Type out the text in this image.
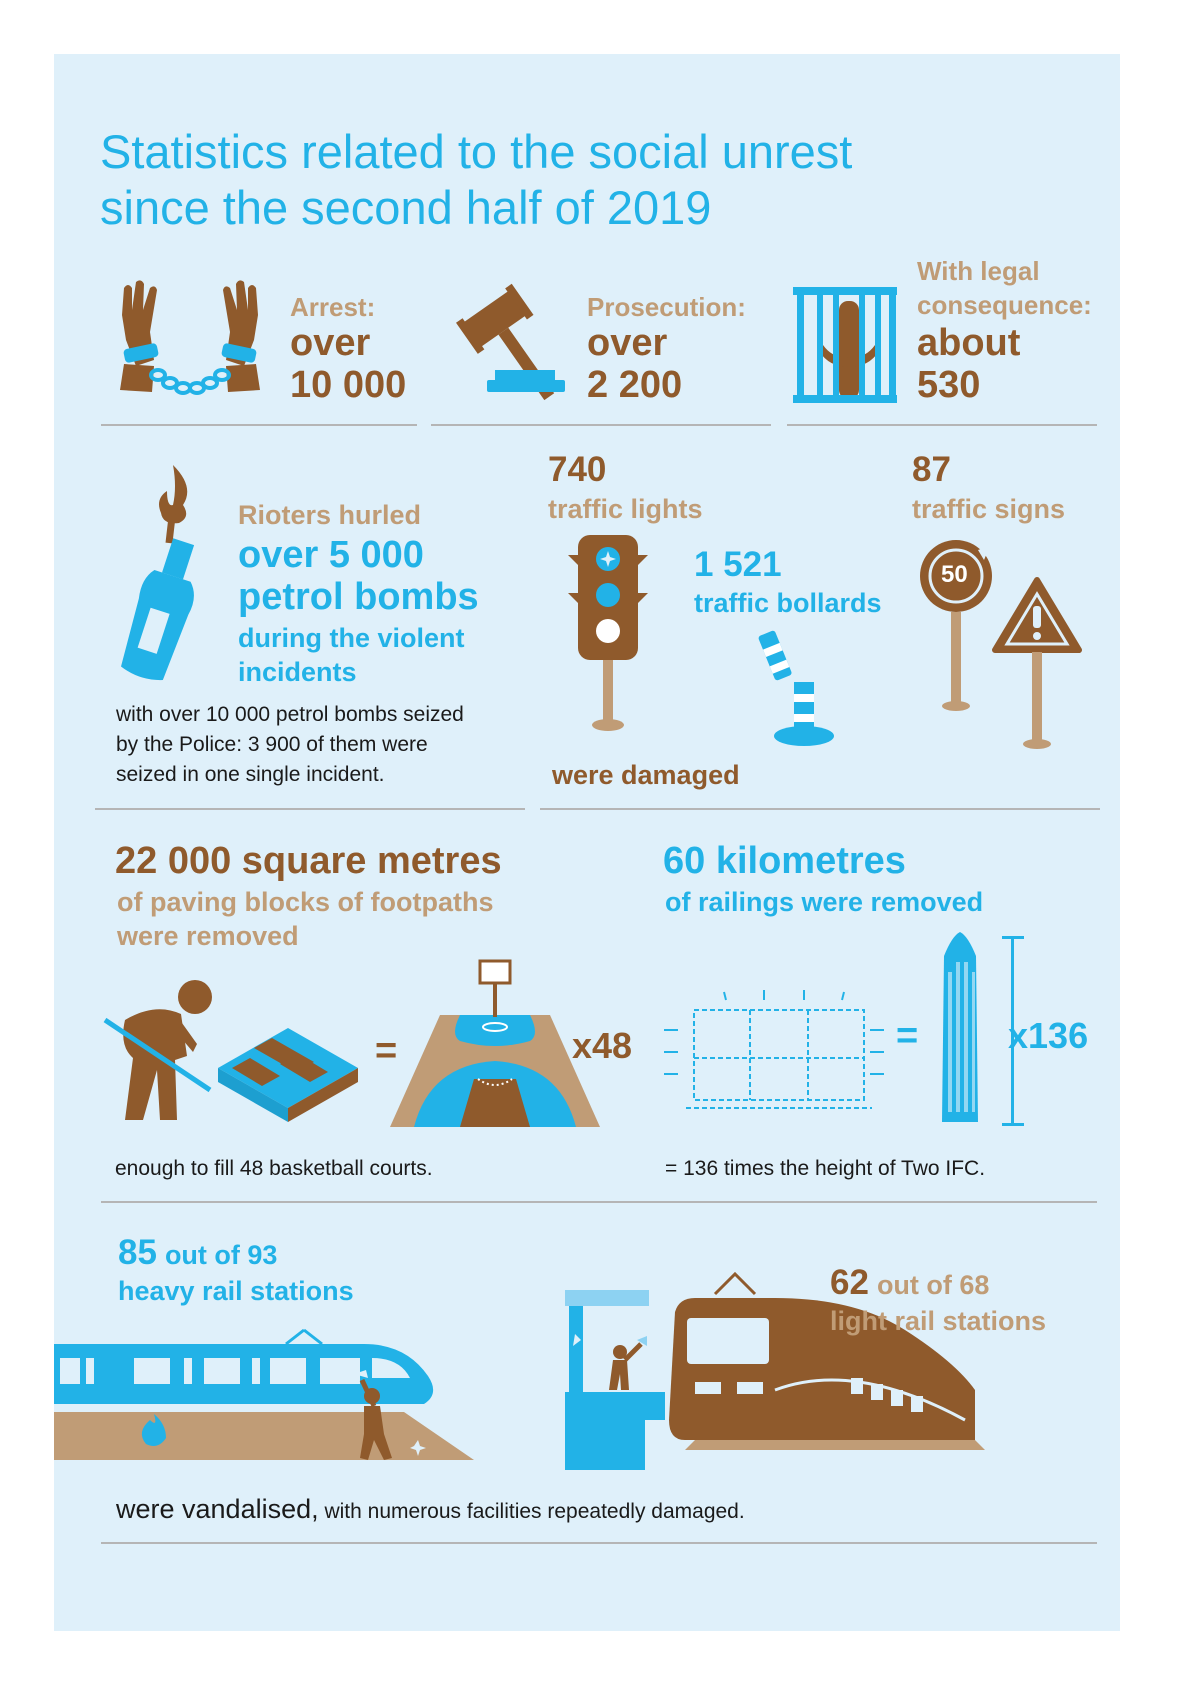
Statistics related to the social unrest

since the second half of 2019

Arrest:

over

10 000

Prosecution:

over

2 200

With legal

consequence:

about

530

Rioters hurled

over 5 000

petrol bombs

during the violent

incidents

with over 10 000 petrol bombs seized

by the Police: 3 900 of them were

seized in one single incident.

740

traffic lights

1 521

traffic bollards

87

traffic signs

50

were damaged

22 000 square metres

of paving blocks of footpaths

were removed

=	x48

enough to fill 48 basketball courts.

60 kilometres

of railings were removed

= x136

= 136 times the height of Two IFC.

85 out of 93

heavy rail stations	62 out of 68

light rail stations

were vandalised, with numerous facilities repeatedly damaged.
